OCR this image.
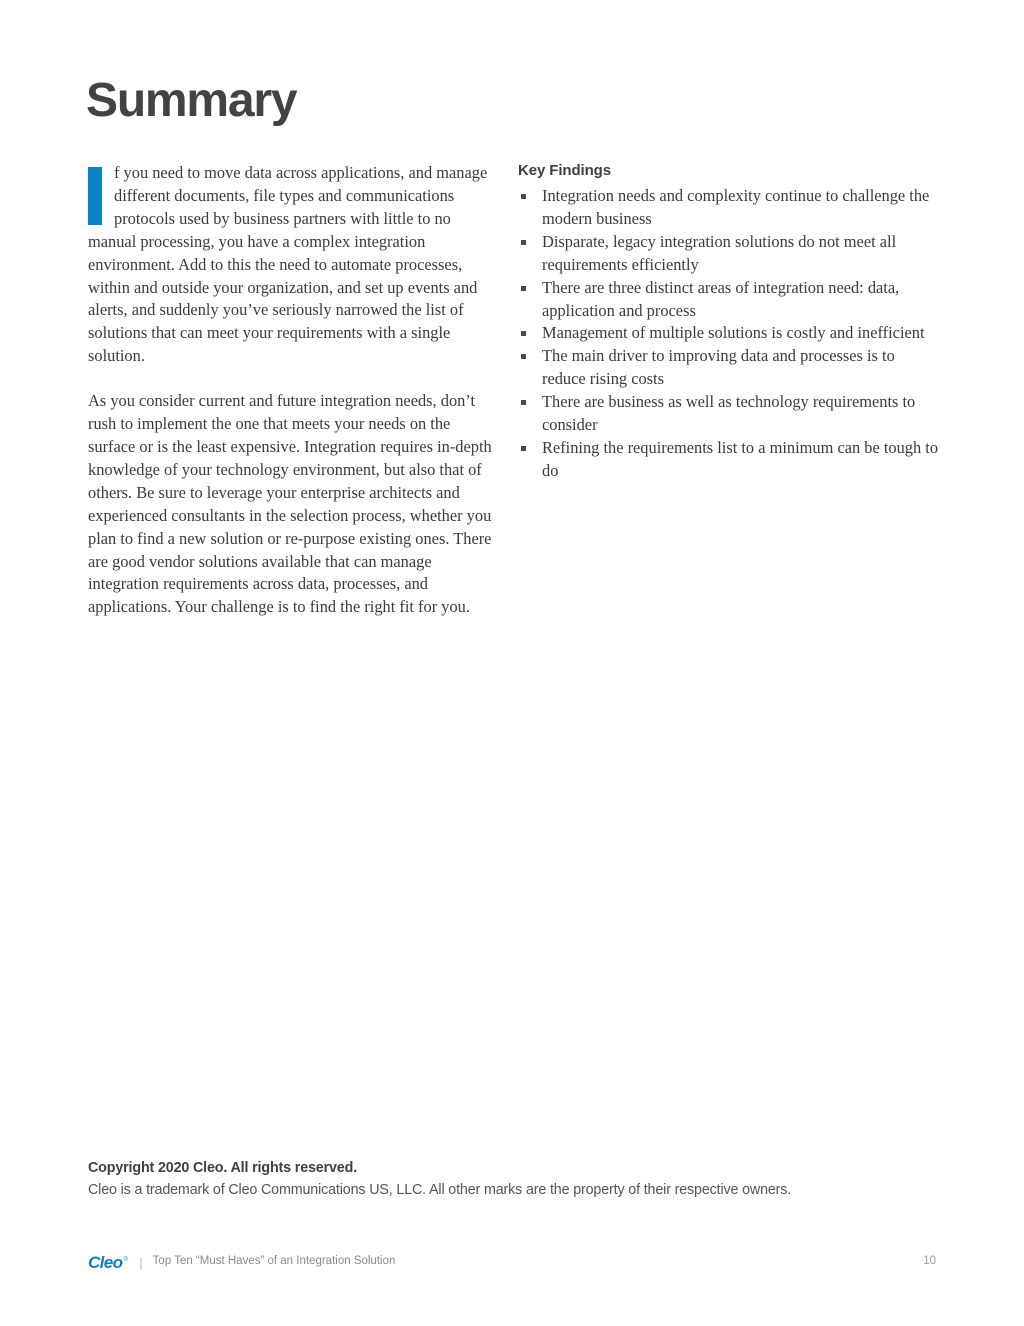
Summary

f you need to move data across applications, and manage different documents, file types and communications protocols used by business partners with little to no manual processing, you have a complex integration environment. Add to this the need to automate processes, within and outside your organization, and set up events and alerts, and suddenly you’ve seriously narrowed the list of solutions that can meet your requirements with a single solution.

As you consider current and future integration needs, don’t rush to implement the one that meets your needs on the surface or is the least expensive. Integration requires in-depth knowledge of your technology environment, but also that of others. Be sure to leverage your enterprise architects and experienced consultants in the selection process, whether you plan to find a new solution or re-purpose existing ones. There are good vendor solutions available that can manage integration requirements across data, processes, and applications. Your challenge is to find the right fit for you.

Key Findings
Integration needs and complexity continue to challenge the modern business
Disparate, legacy integration solutions do not meet all requirements efficiently
There are three distinct areas of integration need: data, application and process
Management of multiple solutions is costly and inefficient
The main driver to improving data and processes is to reduce rising costs
There are business as well as technology requirements to consider
Refining the requirements list to a minimum can be tough to do
Copyright 2020 Cleo. All rights reserved.
Cleo is a trademark of Cleo Communications US, LLC. All other marks are the property of their respective owners.
Cleo® | Top Ten “Must Haves” of an Integration Solution	10
